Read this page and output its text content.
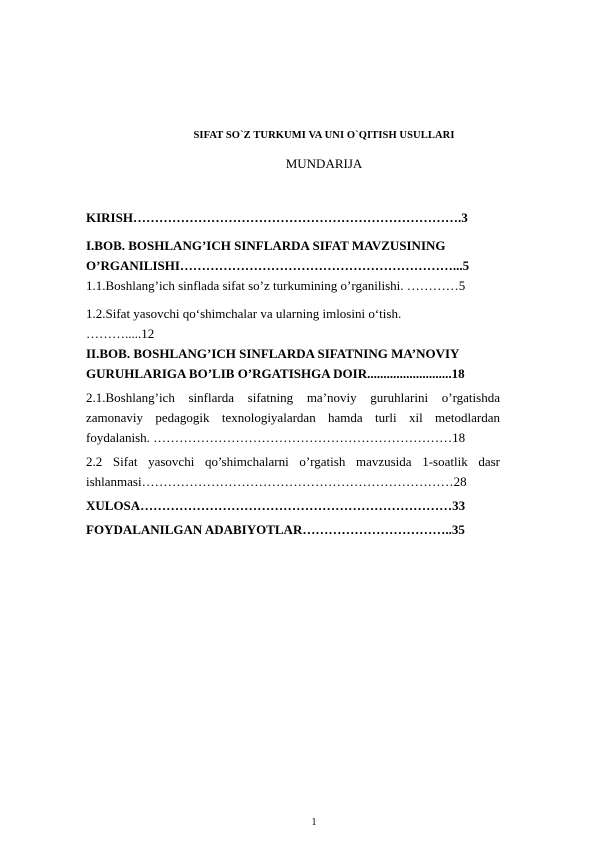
SIFAT SO`Z TURKUMI VA UNI O`QITISH USULLARI
MUNDARIJA

KIRISH………………………………………………………………….3

I.BOB. BOSHLANG’ICH SINFLARDA SIFAT MAVZUSINING
O’RGANILISHI………………………………………………………...5

1.1.Boshlang’ich sinflada sifat so’z turkumining o’rganilishi. …………5

1.2.Sifat yasovchi qo‘shimchalar va ularning imlosini o‘tish.
……….....12

II.BOB. BOSHLANG’ICH SINFLARDA SIFATNING MA’NOVIY
GURUHLARIGA BO’LIB O’RGATISHGA DOIR..........................18

2.1.Boshlang’ich sinflarda sifatning ma’noviy guruhlarini o’rgatishda zamonaviy pedagogik texnologiyalardan hamda turli xil metodlardan foydalanish. ……………………………………………………………18

2.2 Sifat yasovchi qo’shimchalarni o’rgatish mavzusida 1-soatlik dasr ishlanmasi………………………………………………………………28

XULOSA………………………………………………………………33

FOYDALANILGAN ADABIYOTLAR……………………………..35

1
